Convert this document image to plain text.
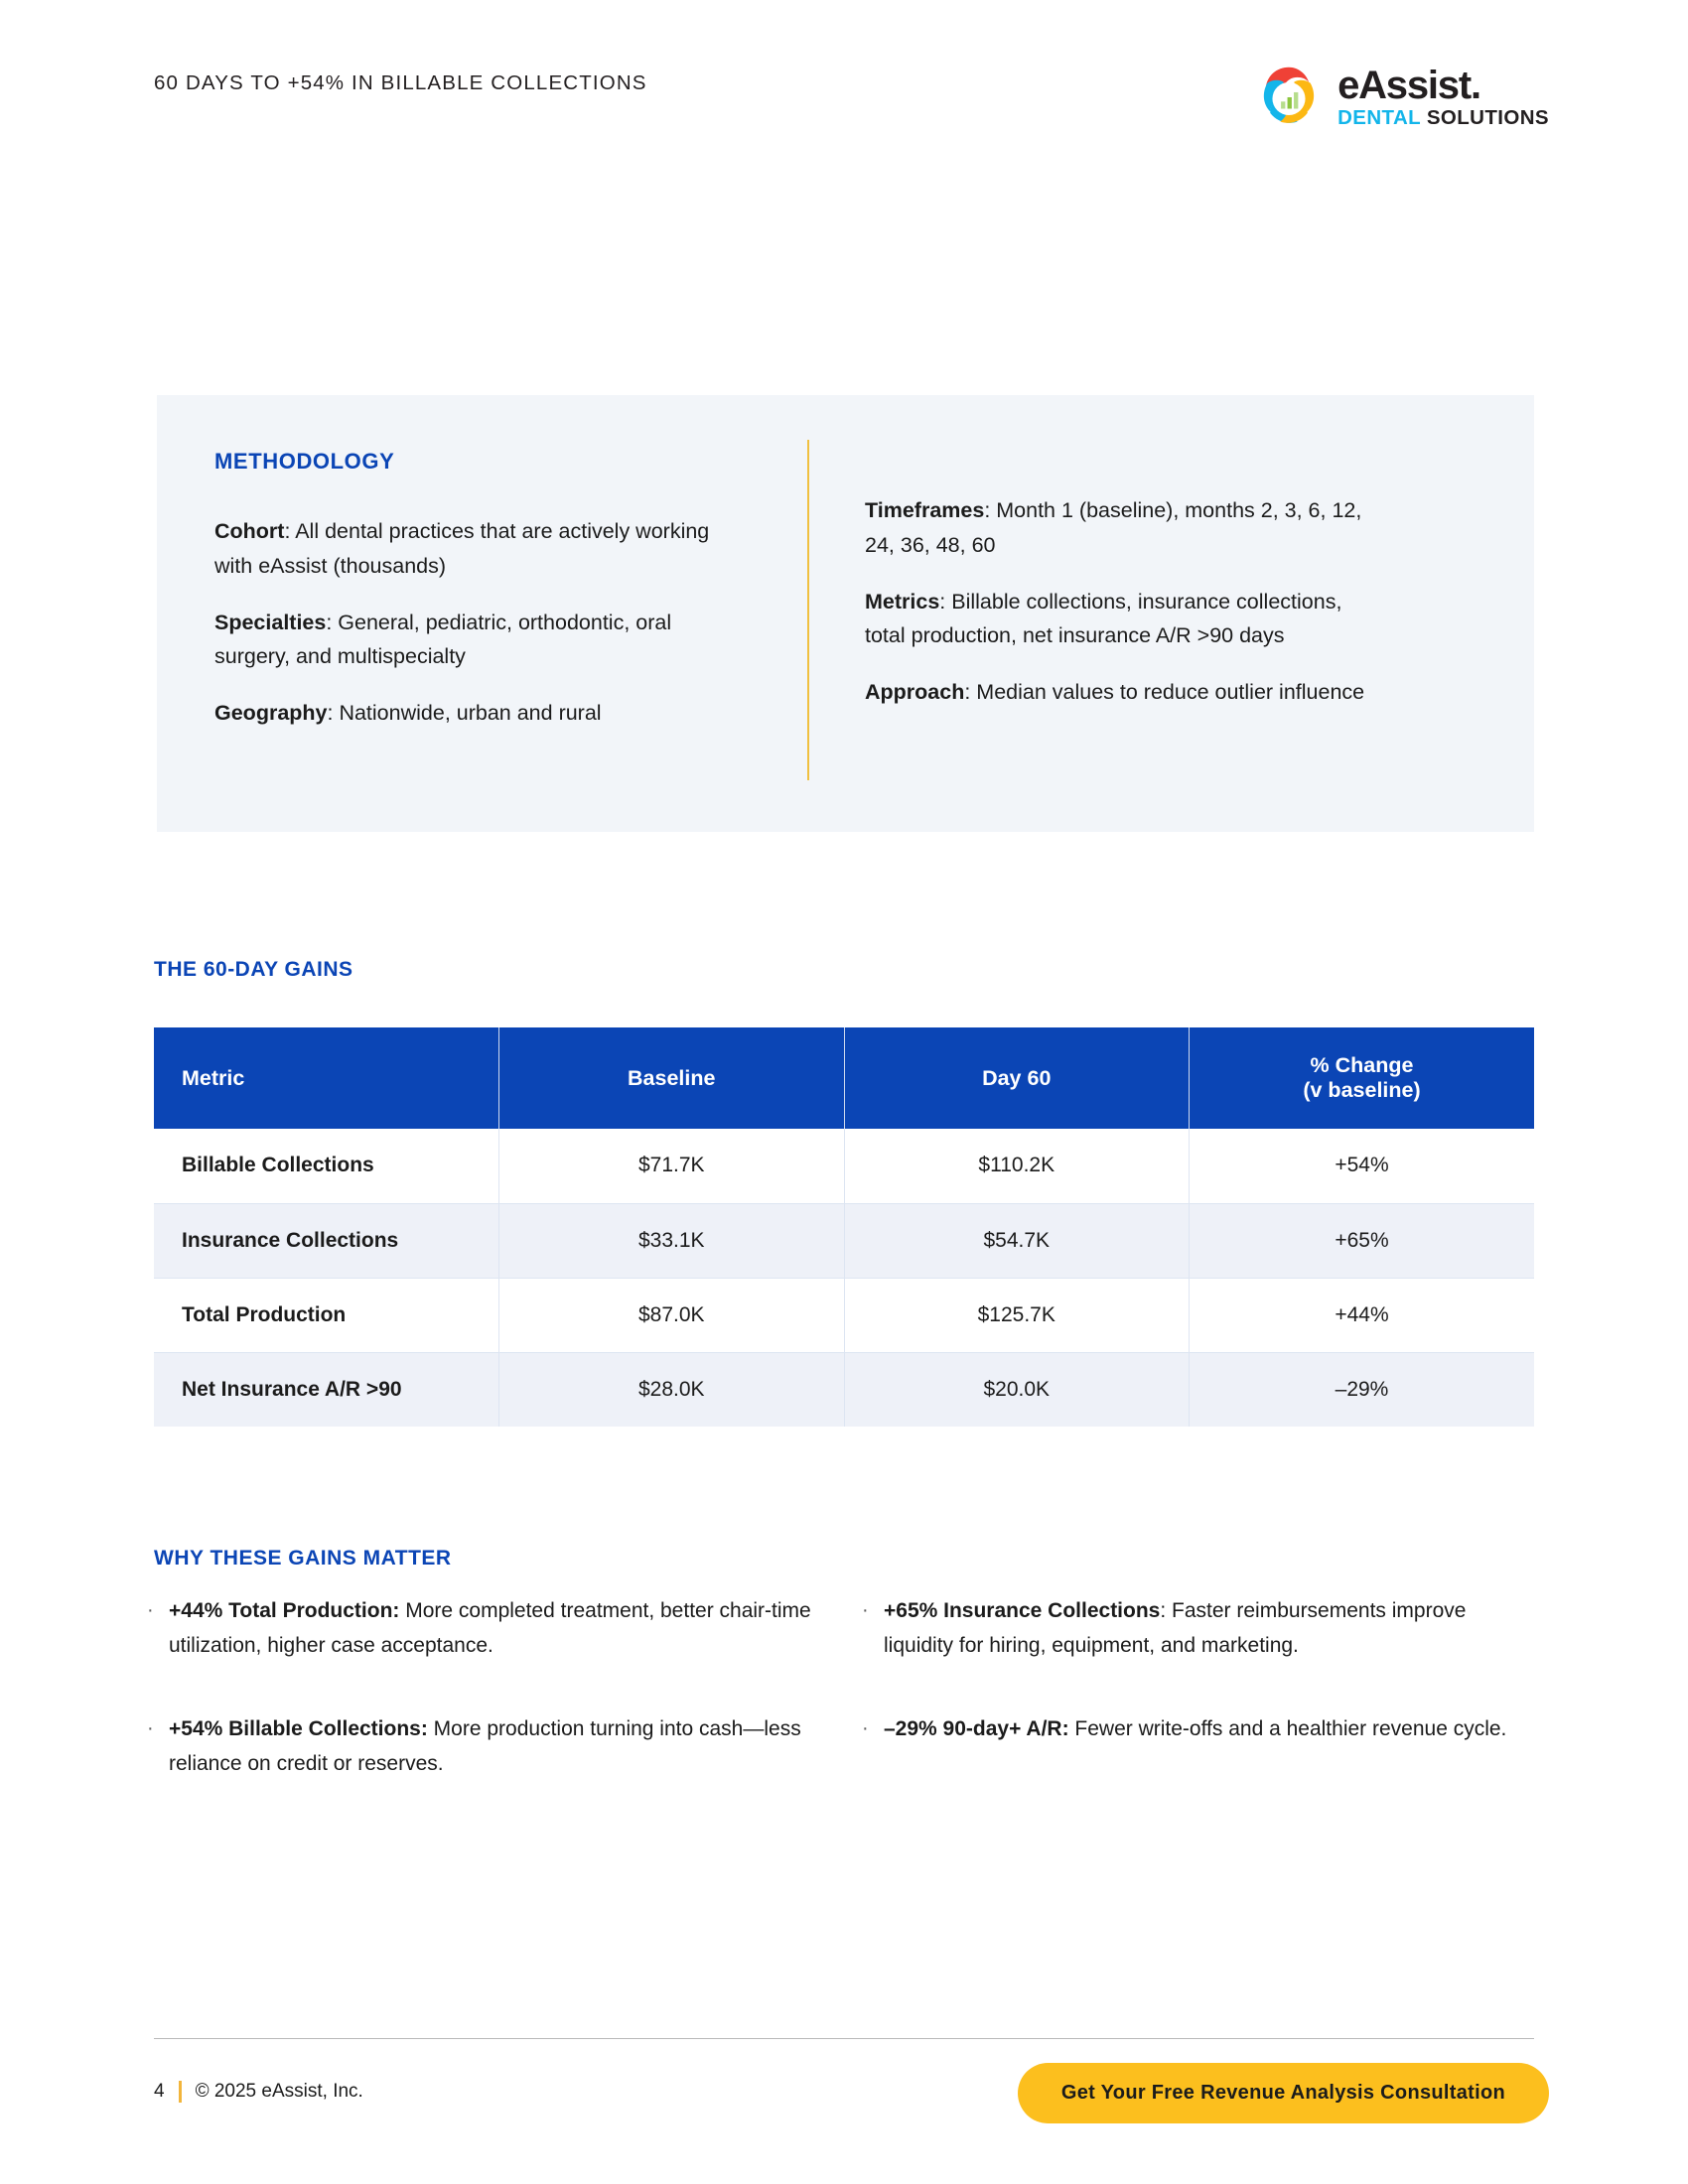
60 DAYS TO +54% IN BILLABLE COLLECTIONS	eAssist.
DENTAL SOLUTIONS
METHODOLOGY
Cohort: All dental practices that are actively working with eAssist (thousands)
Specialties: General, pediatric, orthodontic, oral surgery, and multispecialty
Geography: Nationwide, urban and rural
Timeframes: Month 1 (baseline), months 2, 3, 6, 12, 24, 36, 48, 60
Metrics: Billable collections, insurance collections, total production, net insurance A/R >90 days
Approach: Median values to reduce outlier influence
THE 60-DAY GAINS
Metric	Baseline	Day 60	% Change
(v baseline)

Billable Collections	$71.7K	$110.2K	+54%
Insurance Collections	$33.1K	$54.7K	+65%
Total Production	$87.0K	$125.7K	+44%
Net Insurance A/R >90	$28.0K	$20.0K	–29%
WHY THESE GAINS MATTER
· +44% Total Production: More completed treatment, better chair-time utilization, higher case acceptance.
· +54% Billable Collections: More production turning into cash—less reliance on credit or reserves.
· +65% Insurance Collections: Faster reimbursements improve liquidity for hiring, equipment, and marketing.
· –29% 90-day+ A/R: Fewer write-offs and a healthier revenue cycle.
4 © 2025 eAssist, Inc.	Get Your Free Revenue Analysis Consultation
